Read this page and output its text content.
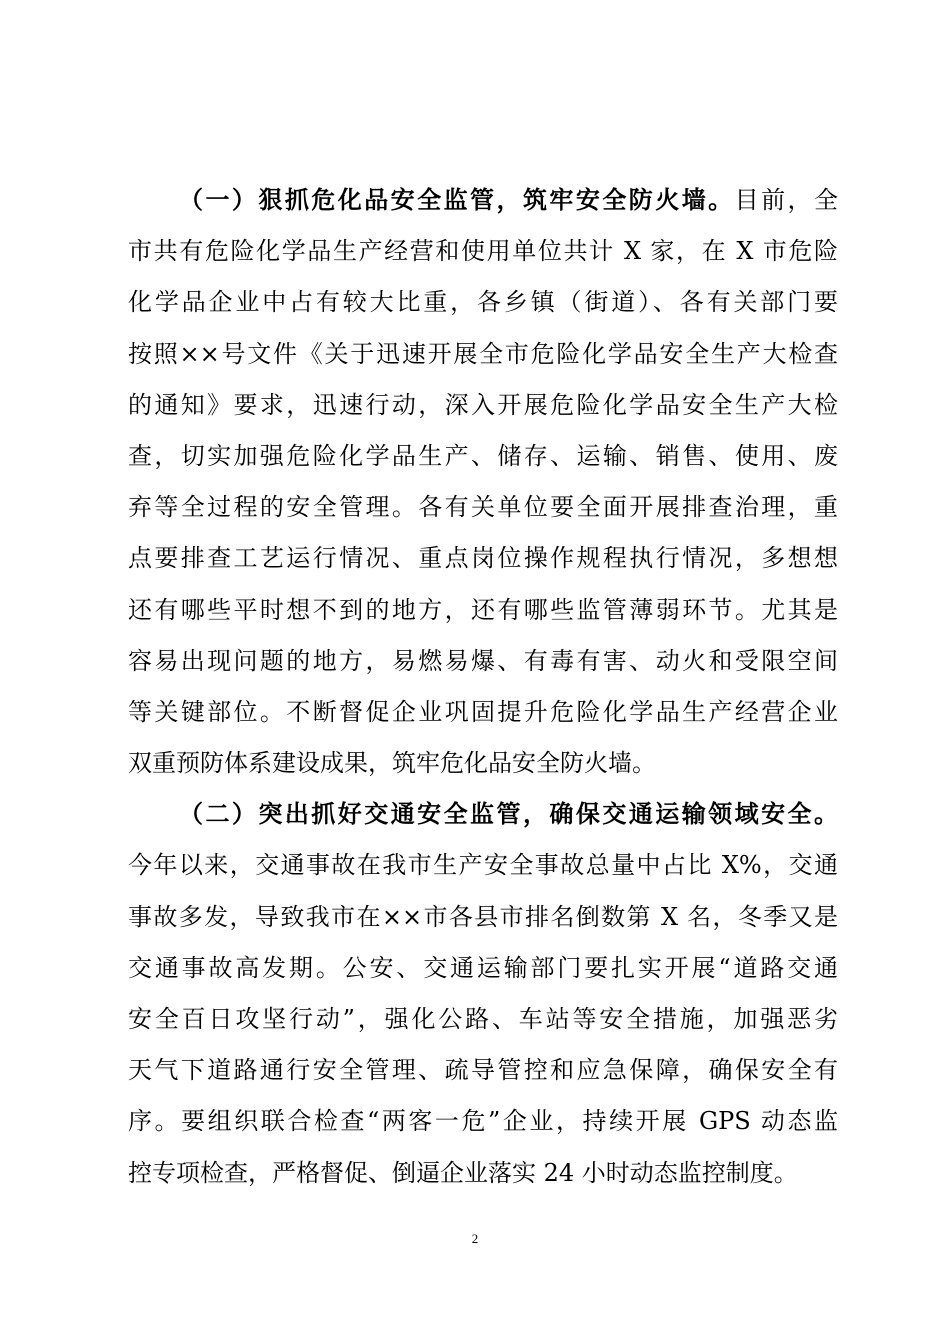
（一）狠抓危化品安全监管，筑牢安全防火墙。目前，全
市共有危险化学品生产经营和使用单位共计 X 家，在 X 市危险
化学品企业中占有较大比重，各乡镇（街道）、各有关部门要
按照××号文件《关于迅速开展全市危险化学品安全生产大检查
的通知》要求，迅速行动，深入开展危险化学品安全生产大检
查，切实加强危险化学品生产、储存、运输、销售、使用、废
弃等全过程的安全管理。各有关单位要全面开展排查治理，重
点要排查工艺运行情况、重点岗位操作规程执行情况，多想想
还有哪些平时想不到的地方，还有哪些监管薄弱环节。尤其是
容易出现问题的地方，易燃易爆、有毒有害、动火和受限空间
等关键部位。不断督促企业巩固提升危险化学品生产经营企业
双重预防体系建设成果，筑牢危化品安全防火墙。
（二）突出抓好交通安全监管，确保交通运输领域安全。
今年以来，交通事故在我市生产安全事故总量中占比 X%，交通
事故多发，导致我市在××市各县市排名倒数第 X 名，冬季又是
交通事故高发期。公安、交通运输部门要扎实开展“道路交通
安全百日攻坚行动”，强化公路、车站等安全措施，加强恶劣
天气下道路通行安全管理、疏导管控和应急保障，确保安全有
序。要组织联合检查“两客一危”企业，持续开展 GPS 动态监
控专项检查，严格督促、倒逼企业落实 24 小时动态监控制度。
2
